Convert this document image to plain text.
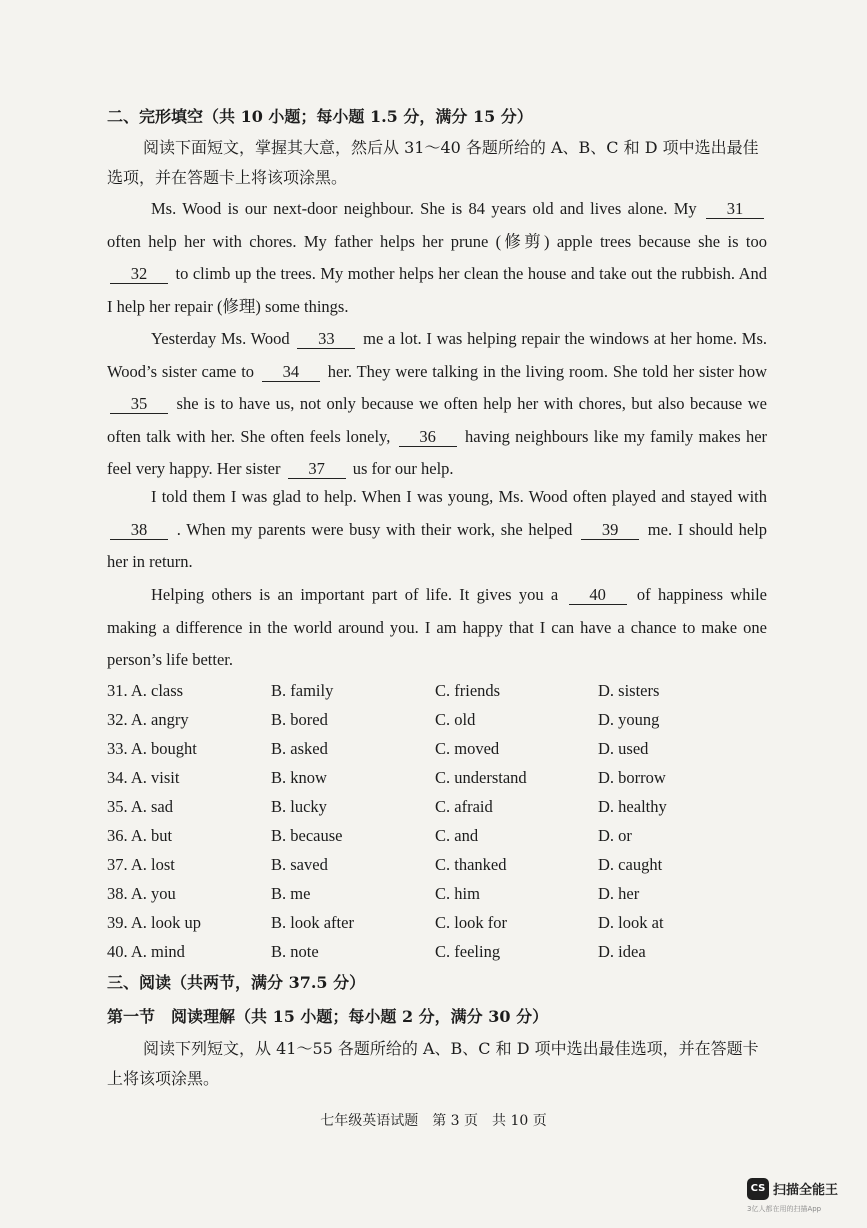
二、完形填空（共 10 小题；每小题 1.5 分，满分 15 分）
阅读下面短文，掌握其大意，然后从 31～40 各题所给的 A、B、C 和 D 项中选出最佳选项，并在答题卡上将该项涂黑。
Ms. Wood is our next-door neighbour. She is 84 years old and lives alone. My 31 often help her with chores. My father helps her prune (修剪) apple trees because she is too 32 to climb up the trees. My mother helps her clean the house and take out the rubbish. And I help her repair (修理) some things.
Yesterday Ms. Wood 33 me a lot. I was helping repair the windows at her home. Ms. Wood’s sister came to 34 her. They were talking in the living room. She told her sister how 35 she is to have us, not only because we often help her with chores, but also because we often talk with her. She often feels lonely, 36 having neighbours like my family makes her feel very happy. Her sister 37 us for our help.
I told them I was glad to help. When I was young, Ms. Wood often played and stayed with 38 . When my parents were busy with their work, she helped 39 me. I should help her in return.
Helping others is an important part of life. It gives you a 40 of happiness while making a difference in the world around you. I am happy that I can have a chance to make one person’s life better.
31. A. class	B. family	C. friends	D. sisters
32. A. angry	B. bored	C. old	D. young
33. A. bought	B. asked	C. moved	D. used
34. A. visit	B. know	C. understand	D. borrow
35. A. sad	B. lucky	C. afraid	D. healthy
36. A. but	B. because	C. and	D. or
37. A. lost	B. saved	C. thanked	D. caught
38. A. you	B. me	C. him	D. her
39. A. look up	B. look after	C. look for	D. look at
40. A. mind	B. note	C. feeling	D. idea
三、阅读（共两节，满分 37.5 分）
第一节　阅读理解（共 15 小题；每小题 2 分，满分 30 分）
阅读下列短文，从 41～55 各题所给的 A、B、C 和 D 项中选出最佳选项，并在答题卡上将该项涂黑。
七年级英语试题　第 3 页　共 10 页
CS 扫描全能王
3亿人都在用的扫描App
